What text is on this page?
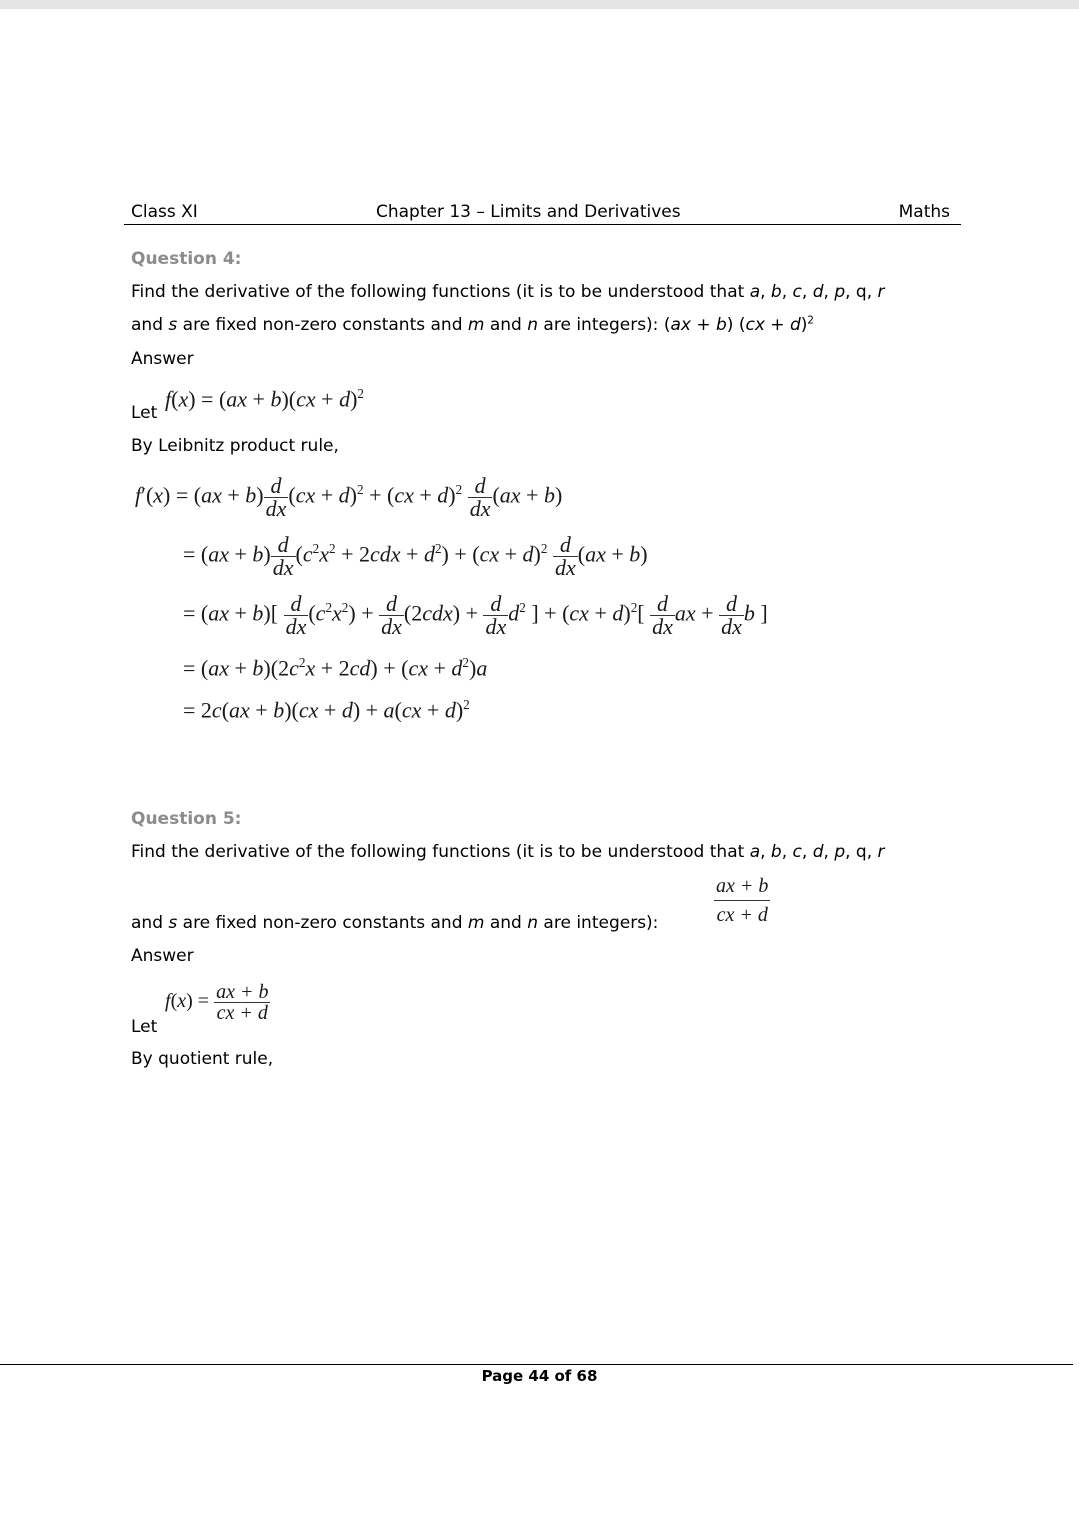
Class XI	Chapter 13 – Limits and Derivatives	Maths
Question 4:
Find the derivative of the following functions (it is to be understood that a, b, c, d, p, q, r
and s are fixed non-zero constants and m and n are integers): (ax + b) (cx + d)$^2$
Answer
Let
f(x) = (ax + b)(cx + d)$^2$
By Leibnitz product rule,
$f'(x) = (ax + b) \frac{d}{dx} (cx + d)^2 + (cx + d)^2 \frac{d}{dx} (ax + b)$
= $(ax + b) \frac{d}{dx} (c^2x^2 + 2cdx + d^2) + (cx + d)^2 \frac{d}{dx} (ax + b)$
= $(ax + b)[ \frac{d}{dx} (c^2x^2) + \frac{d}{dx} (2cdx) + \frac{d}{dx} d^2$ ] + $(cx + d)^2[ \frac{d}{dx}$ ax + $\frac{d}{dx}$ b ]
= $(ax + b)(2c^2x + 2cd) + (cx + d^2)a$
= 2c(ax + b)(cx + d) + a(cx + d)$^2$
Question 5:
Find the derivative of the following functions (it is to be understood that a, b, c, d, p, q, r
and s are fixed non-zero constants and m and n are integers):	$\frac{ax + b}{cx + d}$
Answer
Let
$f(x) = \frac{ax + b}{cx + d}$
By quotient rule,
Page 44 of 68
